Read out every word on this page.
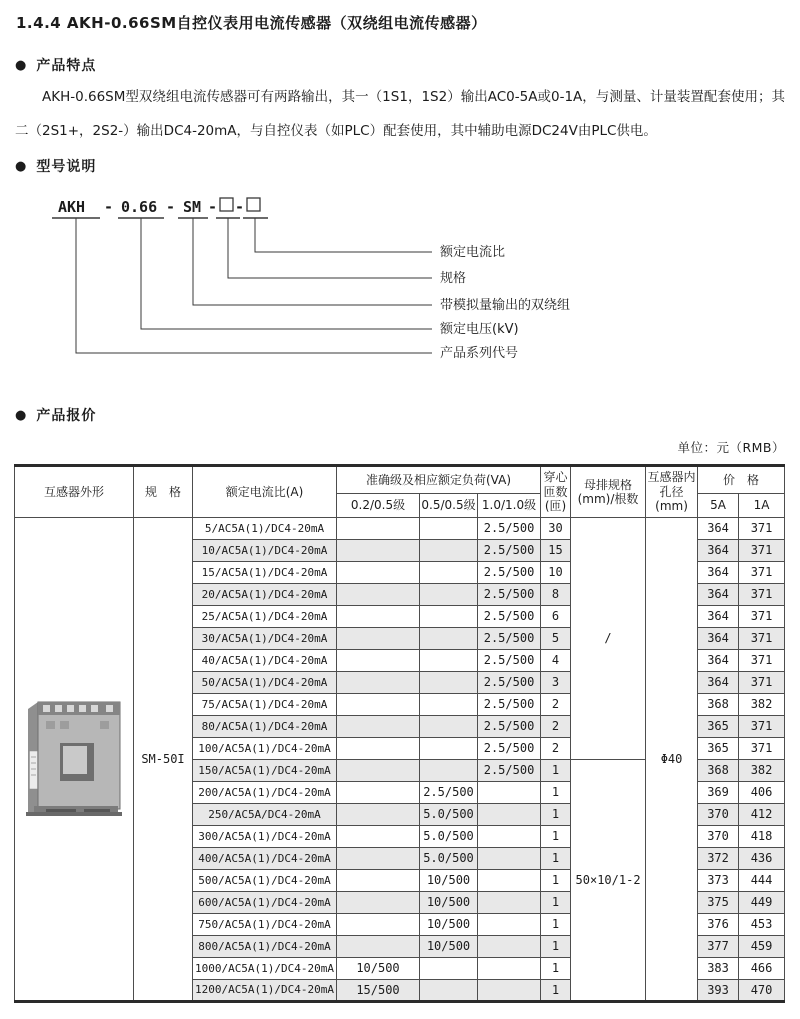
1.4.4 AKH-0.66SM自控仪表用电流传感器（双绕组电流传感器）
● 产品特点
AKH-0.66SM型双绕组电流传感器可有两路输出，其一（1S1，1S2）输出AC0-5A或0-1A，与测量、计量装置配套使用；其二（2S1+，2S2-）输出DC4-20mA，与自控仪表（如PLC）配套使用，其中辅助电源DC24V由PLC供电。
● 型号说明
AKH - 0.66 - SM - -
额定电流比
规格
带模拟量输出的双绕组
额定电压(kV)
产品系列代号
● 产品报价
单位：元（RMB）
互感器外形	规　格	额定电流比(A)	准确级及相应额定负荷(VA)			穿心匝数(匝)	母排规格(mm)/根数	互感器内孔径(mm)	价　格	
			0.2/0.5级	0.5/0.5级	1.0/1.0级				5A	1A
	SM-50I	5/AC5A(1)/DC4-20mA			2.5/500	30	/	Φ40	364	371
		10/AC5A(1)/DC4-20mA			2.5/500	15			364	371
		15/AC5A(1)/DC4-20mA			2.5/500	10			364	371
		20/AC5A(1)/DC4-20mA			2.5/500	8			364	371
		25/AC5A(1)/DC4-20mA			2.5/500	6			364	371
		30/AC5A(1)/DC4-20mA			2.5/500	5			364	371
		40/AC5A(1)/DC4-20mA			2.5/500	4			364	371
		50/AC5A(1)/DC4-20mA			2.5/500	3			364	371
		75/AC5A(1)/DC4-20mA			2.5/500	2			368	382
		80/AC5A(1)/DC4-20mA			2.5/500	2			365	371
		100/AC5A(1)/DC4-20mA			2.5/500	2			365	371
		150/AC5A(1)/DC4-20mA			2.5/500	1	50×10/1-2		368	382
		200/AC5A(1)/DC4-20mA		2.5/500		1			369	406
		250/AC5A/DC4-20mA		5.0/500		1			370	412
		300/AC5A(1)/DC4-20mA		5.0/500		1			370	418
		400/AC5A(1)/DC4-20mA		5.0/500		1			372	436
		500/AC5A(1)/DC4-20mA		10/500		1			373	444
		600/AC5A(1)/DC4-20mA		10/500		1			375	449
		750/AC5A(1)/DC4-20mA		10/500		1			376	453
		800/AC5A(1)/DC4-20mA		10/500		1			377	459
		1000/AC5A(1)/DC4-20mA	10/500			1			383	466
		1200/AC5A(1)/DC4-20mA	15/500			1			393	470
